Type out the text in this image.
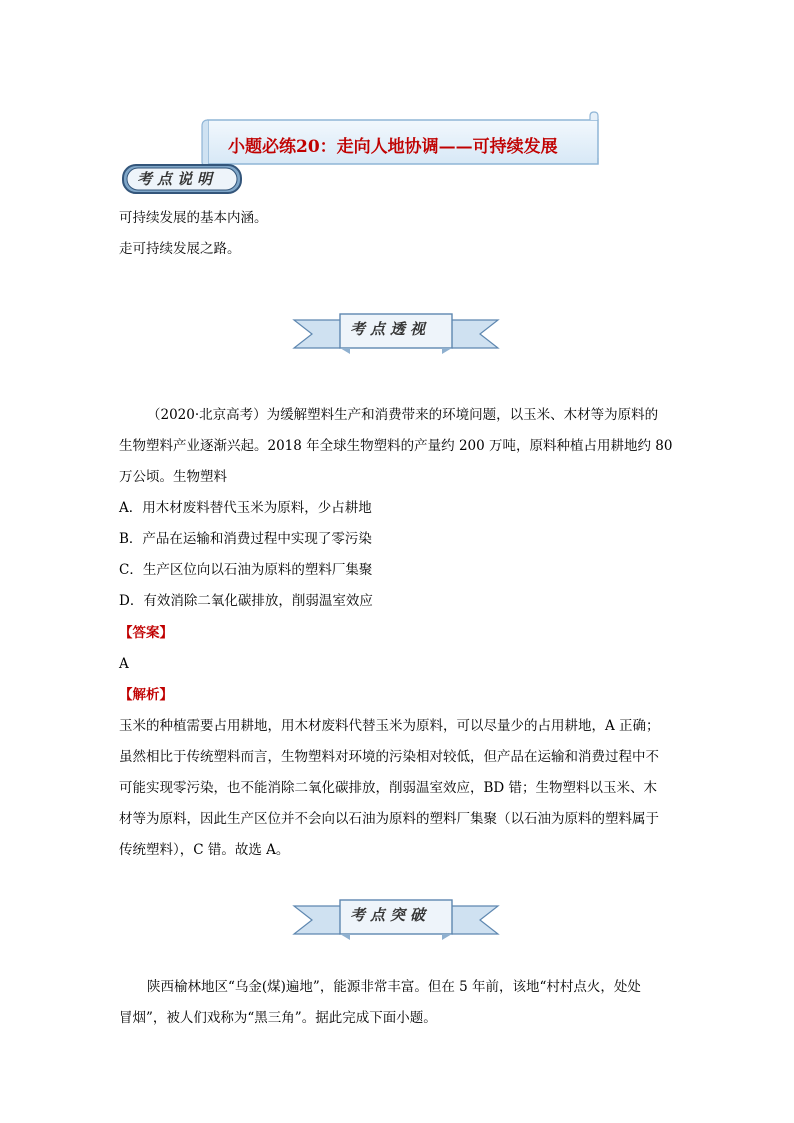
小题必练20：走向人地协调——可持续发展
考点说明
可持续发展的基本内涵。
走可持续发展之路。
考点透视
（2020·北京高考）为缓解塑料生产和消费带来的环境问题，以玉米、木材等为原料的
生物塑料产业逐渐兴起。2018 年全球生物塑料的产量约 200 万吨，原料种植占用耕地约 80
万公顷。生物塑料
A．用木材废料替代玉米为原料，少占耕地
B．产品在运输和消费过程中实现了零污染
C．生产区位向以石油为原料的塑料厂集聚
D．有效消除二氧化碳排放，削弱温室效应
【答案】
A
【解析】
玉米的种植需要占用耕地，用木材废料代替玉米为原料，可以尽量少的占用耕地，A 正确；
虽然相比于传统塑料而言，生物塑料对环境的污染相对较低，但产品在运输和消费过程中不
可能实现零污染，也不能消除二氧化碳排放，削弱温室效应，BD 错；生物塑料以玉米、木
材等为原料，因此生产区位并不会向以石油为原料的塑料厂集聚（以石油为原料的塑料属于
传统塑料），C 错。故选 A。
考点突破
陕西榆林地区“乌金(煤)遍地”，能源非常丰富。但在 5 年前，该地“村村点火，处处
冒烟”，被人们戏称为“黑三角”。据此完成下面小题。
